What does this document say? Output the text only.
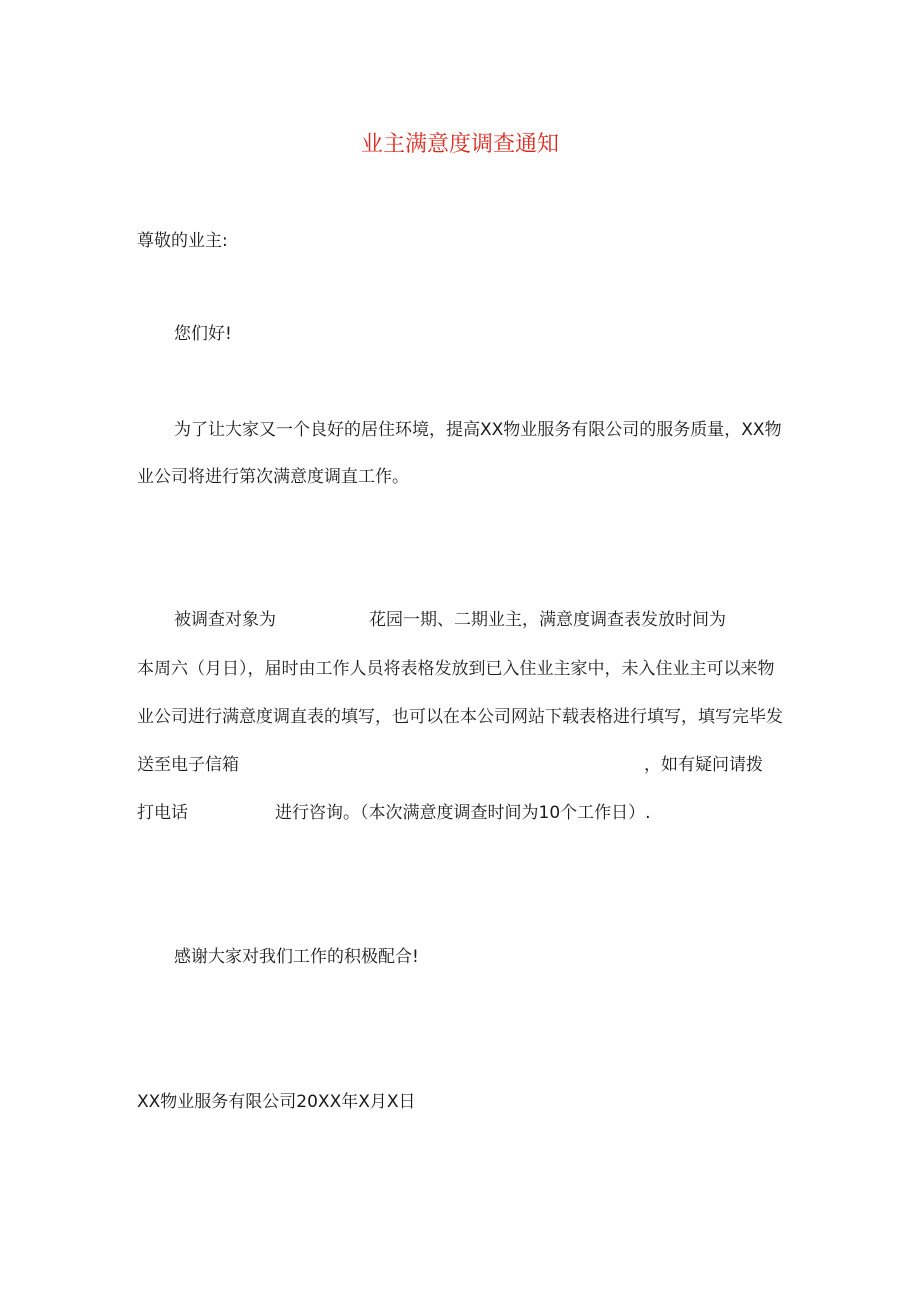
业主满意度调查通知

尊敬的业主:

您们好!

为了让大家又一个良好的居住环境，提高XX物业服务有限公司的服务质量，XX物

业公司将进行第次满意度调直工作。

被调查对象为	花园一期、二期业主，满意度调查表发放时间为

本周六（月日），届时由工作人员将表格发放到已入住业主家中，未入住业主可以来物

业公司进行满意度调直表的填写，也可以在本公司网站下载表格进行填写，填写完毕发

送至电子信箱	，如有疑问请拨

打电话	进行咨询。（本次满意度调查时间为10个工作日）.

感谢大家对我们工作的积极配合!

XX物业服务有限公司20XX年X月X日
